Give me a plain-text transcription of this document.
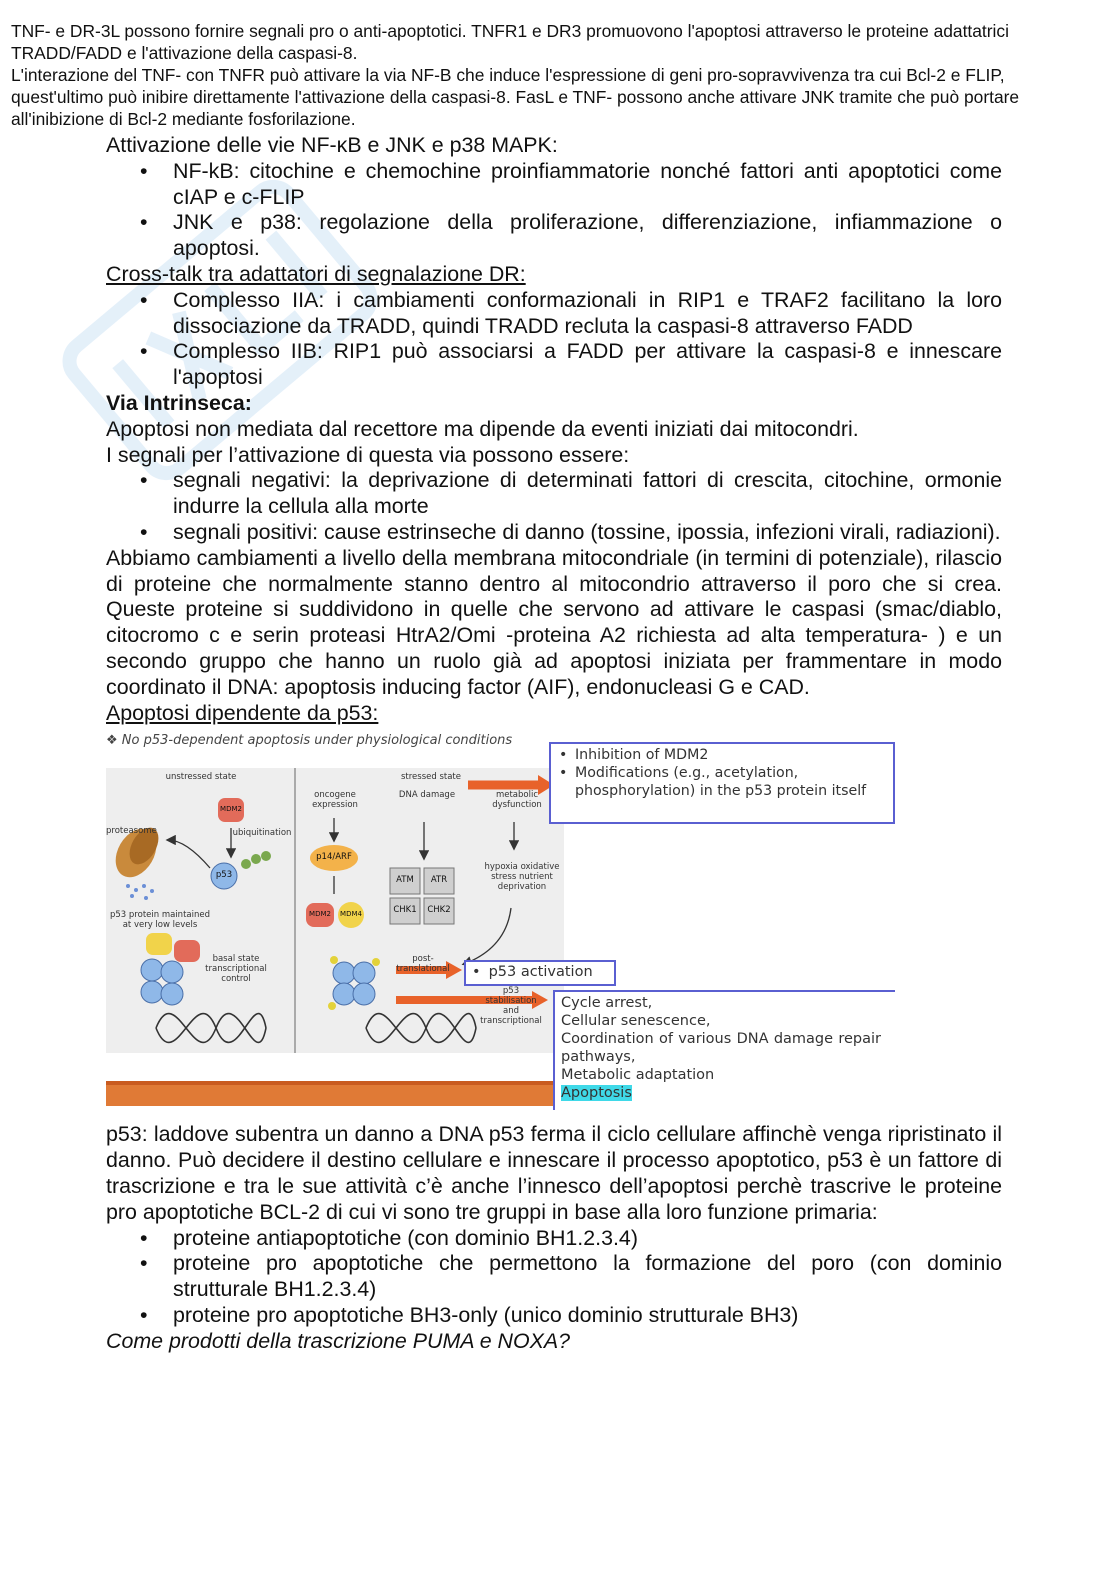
TNF- e DR-3L possono fornire segnali pro o anti-apoptotici. TNFR1 e DR3 promuovono l'apoptosi attraverso le proteine adattatrici TRADD/FADD e l'attivazione della caspasi-8.

L'interazione del TNF- con TNFR può attivare la via NF-B che induce l'espressione di geni pro-sopravvivenza tra cui Bcl-2 e FLIP, quest'ultimo può inibire direttamente l'attivazione della caspasi-8. FasL e TNF- possono anche attivare JNK tramite che può portare all'inibizione di Bcl-2 mediante fosforilazione.

Attivazione delle vie NF-κB e JNK e p38 MAPK:

• NF-kB: citochine e chemochine proinfiammatorie nonché fattori anti apoptotici come cIAP e c-FLIP
• JNK e p38: regolazione della proliferazione, differenziazione, infiammazione o apoptosi.

Cross-talk tra adattatori di segnalazione DR:

• Complesso IIA: i cambiamenti conformazionali in RIP1 e TRAF2 facilitano la loro dissociazione da TRADD, quindi TRADD recluta la caspasi-8 attraverso FADD
• Complesso IIB: RIP1 può associarsi a FADD per attivare la caspasi-8 e innescare l'apoptosi

Via Intrinseca:

Apoptosi non mediata dal recettore ma dipende da eventi iniziati dai mitocondri.

I segnali per l’attivazione di questa via possono essere:

• segnali negativi: la deprivazione di determinati fattori di crescita, citochine, ormonie indurre la cellula alla morte
• segnali positivi: cause estrinseche di danno (tossine, ipossia, infezioni virali, radiazioni).

Abbiamo cambiamenti a livello della membrana mitocondriale (in termini di potenziale), rilascio di proteine che normalmente stanno dentro al mitocondrio attraverso il poro che si crea. Queste proteine si suddividono in quelle che servono ad attivare le caspasi (smac/diablo, citocromo c e serin proteasi HtrA2/Omi -proteina A2 richiesta ad alta temperatura- ) e un secondo gruppo che hanno un ruolo già ad apoptosi iniziata per frammentare in modo coordinato il DNA: apoptosis inducing factor (AIF), endonucleasi G e CAD.

Apoptosi dipendente da p53:

❖ No p53-dependent apoptosis under physiological conditions
unstressed state	stressed state
oncogene expression
DNA damage	metabolic dysfunction
proteasome	ubiquitination
p53 protein maintained at very low levels
hypoxia oxidative stress nutrient deprivation
basal state transcriptional control
post-translational
p53 stabilisation and transcriptional
MDM2
p53
p14/ARF
MDM2	MDM4
ATM	ATR
CHK1	CHK2
• Inhibition of MDM2
• Modifications (e.g., acetylation, phosphorylation) in the p53 protein itself
• p53 activation
Cycle arrest,
Cellular senescence,
Coordination of various DNA damage repair pathways,
Metabolic adaptation
Apoptosis

p53: laddove subentra un danno a DNA p53 ferma il ciclo cellulare affinchè venga ripristinato il danno. Può decidere il destino cellulare e innescare il processo apoptotico, p53 è un fattore di trascrizione e tra le sue attività c’è anche l’innesco dell’apoptosi perchè trascrive le proteine pro apoptotiche BCL-2 di cui vi sono tre gruppi in base alla loro funzione primaria:

• proteine antiapoptotiche (con dominio BH1.2.3.4)
• proteine pro apoptotiche che permettono la formazione del poro (con dominio strutturale BH1.2.3.4)
• proteine pro apoptotiche BH3-only (unico dominio strutturale BH3)

Come prodotti della trascrizione PUMA e NOXA?
